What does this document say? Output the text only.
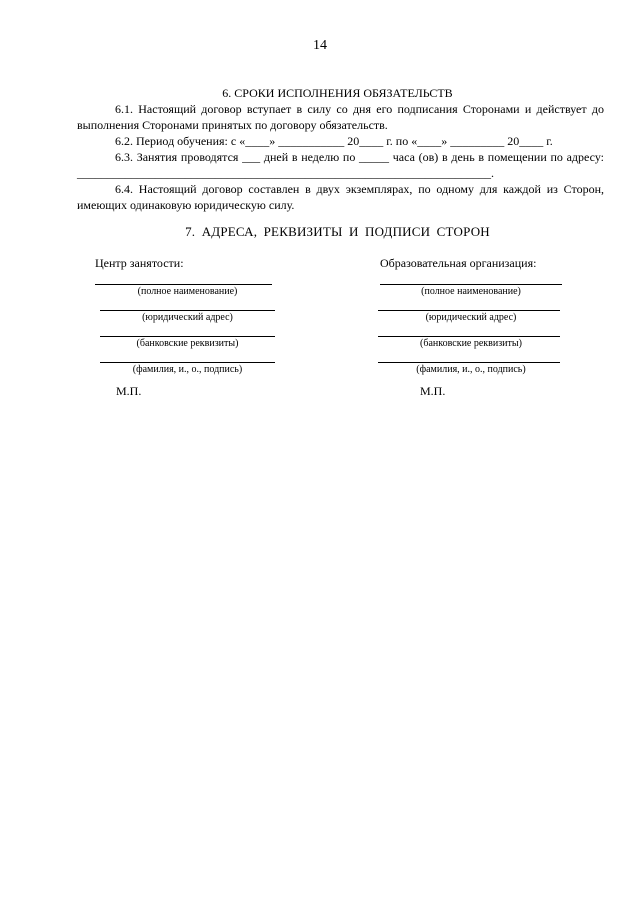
14
6. СРОКИ ИСПОЛНЕНИЯ ОБЯЗАТЕЛЬСТВ
6.1. Настоящий договор вступает в силу со дня его подписания Сторонами и действует до выполнения Сторонами принятых по договору обязательств.
6.2. Период обучения: с «____» ___________ 20____ г. по «____» _________ 20____ г.
6.3. Занятия проводятся ___ дней в неделю по _____ часа (ов) в день в помещении по адресу: _____________________________________________________________________.
6.4. Настоящий договор составлен в двух экземплярах, по одному для каждой из Сторон, имеющих одинаковую юридическую силу.
7. АДРЕСА, РЕКВИЗИТЫ И ПОДПИСИ СТОРОН
Центр занятости:
(полное наименование)
(юридический адрес)
(банковские реквизиты)
(фамилия, и., о., подпись)
Образовательная организация:
(полное наименование)
(юридический адрес)
(банковские реквизиты)
(фамилия, и., о., подпись)
М.П.	М.П.
